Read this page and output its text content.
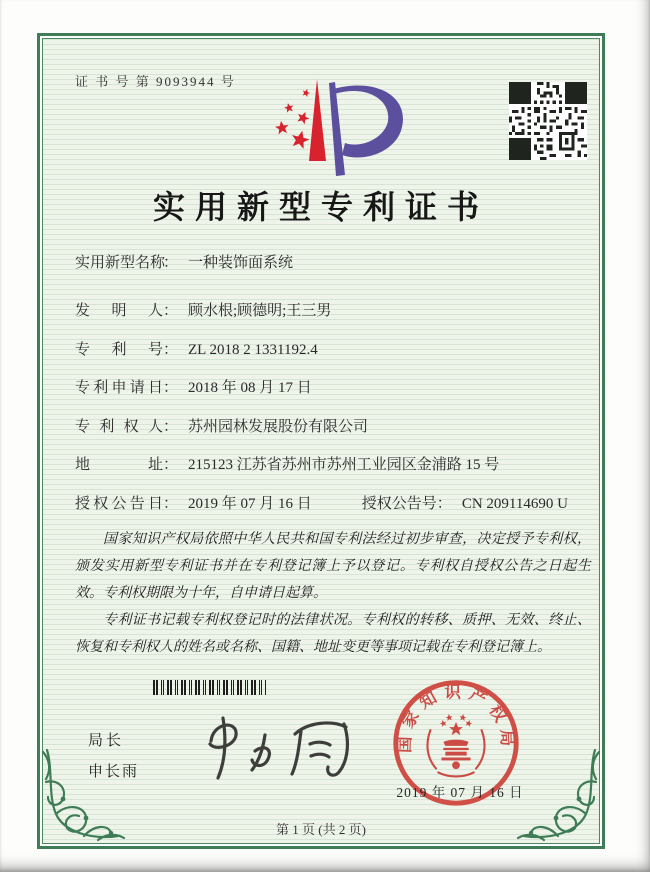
证 书 号 第 9093944 号
实用新型专利证书
实用新型名称： 一种装饰面系统
发明人： 顾水根;顾德明;王三男
专利号： ZL 2018 2 1331192.4
专利申请日： 2018 年 08 月 17 日
专利权人： 苏州园林发展股份有限公司
地址： 215123 江苏省苏州市苏州工业园区金浦路 15 号
授权公告日： 2019 年 07 月 16 日	授权公告号： CN 209114690 U

国家知识产权局依照中华人民共和国专利法经过初步审查，决定授予专利权，颁发实用新型专利证书并在专利登记簿上予以登记。专利权自授权公告之日起生效。专利权期限为十年，自申请日起算。

专利证书记载专利权登记时的法律状况。专利权的转移、质押、无效、终止、恢复和专利权人的姓名或名称、国籍、地址变更等事项记载在专利登记簿上。

局长
申长雨
国家知识产权局
2019 年 07 月 16 日
第 1 页 (共 2 页)
